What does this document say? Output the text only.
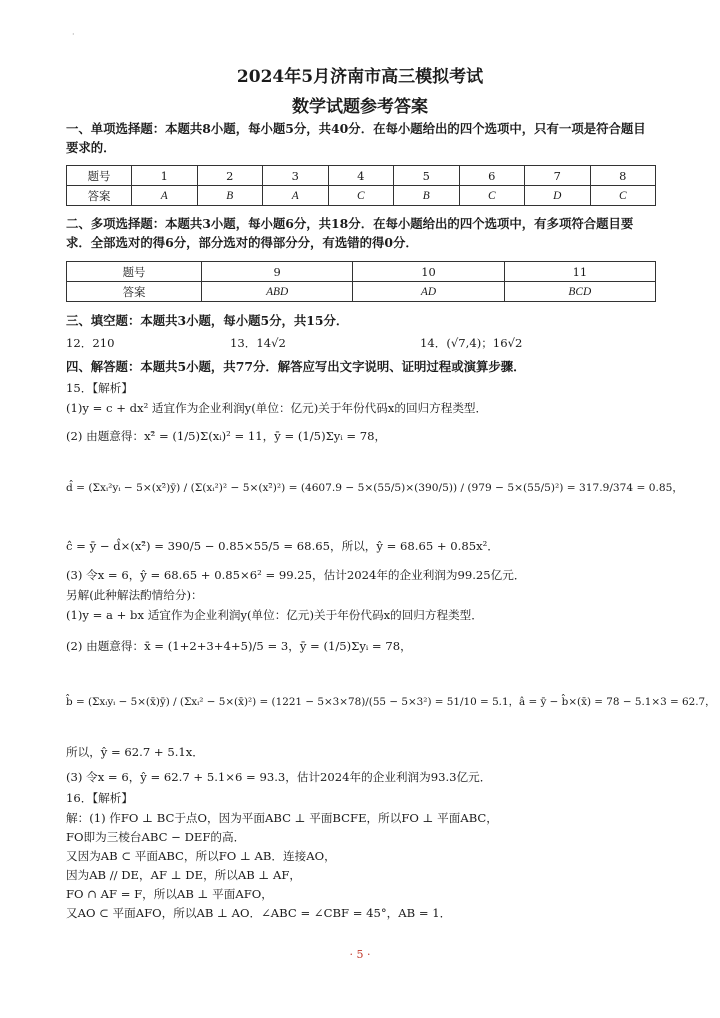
·
2024年5月济南市高三模拟考试
数学试题参考答案
一、单项选择题：本题共8小题，每小题5分，共40分．在每小题给出的四个选项中，只有一项是符合题目要求的．
题号	1	2	3	4	5	6	7	8
答案	A	B	A	C	B	C	D	C
二、多项选择题：本题共3小题，每小题6分，共18分．在每小题给出的四个选项中，有多项符合题目要求．全部选对的得6分，部分选对的得部分分，有选错的得0分．
题号	9	10	11
答案	ABD	AD	BCD
三、填空题：本题共3小题，每小题5分，共15分．
12．210	13．14√2	14．(√7,4)；16√2
四、解答题：本题共5小题，共77分．解答应写出文字说明、证明过程或演算步骤．
15．【解析】
(1)y = c + dx² 适宜作为企业利润y(单位：亿元)关于年份代码x的回归方程类型．
(2) 由题意得：x²̄ = (1/5)Σ(xᵢ)² = 11，ȳ = (1/5)Σyᵢ = 78，
d̂ = (Σxᵢ²yᵢ − 5×(x²̄)ȳ) / (Σ(xᵢ²)² − 5×(x²̄)²) = (4607.9 − 5×(55/5)×(390/5)) / (979 − 5×(55/5)²) = 317.9/374 = 0.85，
ĉ = ȳ − d̂×(x²̄) = 390/5 − 0.85×55/5 = 68.65，所以，ŷ = 68.65 + 0.85x²．
(3) 令x = 6，ŷ = 68.65 + 0.85×6² = 99.25，估计2024年的企业利润为99.25亿元．
另解(此种解法酌情给分)：
(1)y = a + bx 适宜作为企业利润y(单位：亿元)关于年份代码x的回归方程类型．
(2) 由题意得：x̄ = (1+2+3+4+5)/5 = 3，ȳ = (1/5)Σyᵢ = 78，
b̂ = (Σxᵢyᵢ − 5×(x̄)ȳ) / (Σxᵢ² − 5×(x̄)²) = (1221 − 5×3×78)/(55 − 5×3²) = 51/10 = 5.1，â = ȳ − b̂×(x̄) = 78 − 5.1×3 = 62.7，
所以，ŷ = 62.7 + 5.1x．
(3) 令x = 6，ŷ = 62.7 + 5.1×6 = 93.3，估计2024年的企业利润为93.3亿元．
16．【解析】
解：(1) 作FO ⊥ BC于点O，因为平面ABC ⊥ 平面BCFE，所以FO ⊥ 平面ABC，
FO即为三棱台ABC − DEF的高．
又因为AB ⊂ 平面ABC，所以FO ⊥ AB．连接AO，
因为AB // DE，AF ⊥ DE，所以AB ⊥ AF，
FO ∩ AF = F，所以AB ⊥ 平面AFO，
又AO ⊂ 平面AFO，所以AB ⊥ AO．∠ABC = ∠CBF = 45°，AB = 1．
· 5 ·
